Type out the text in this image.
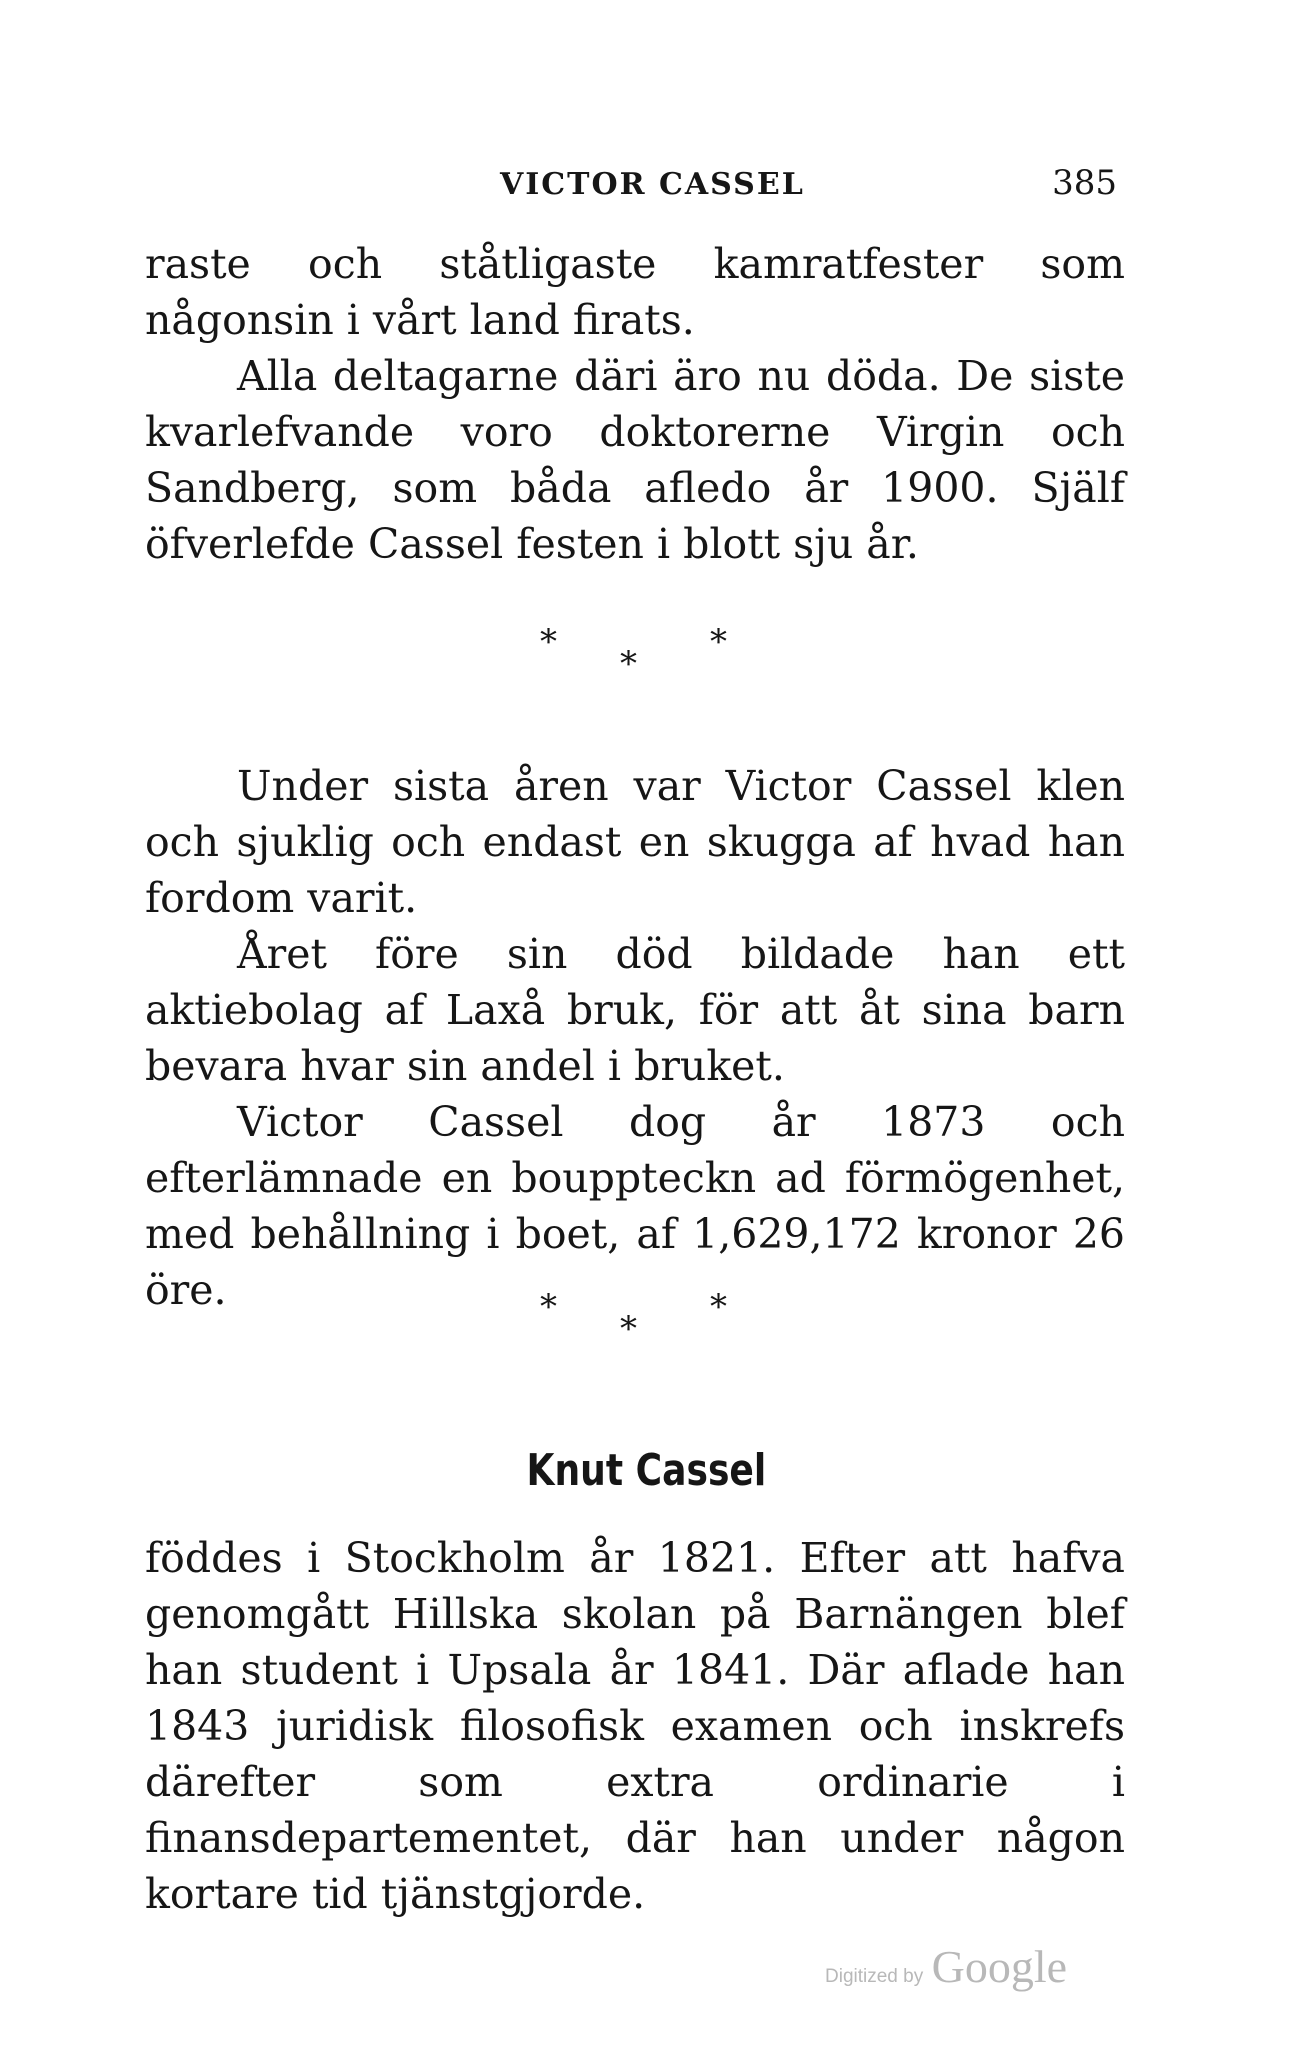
VICTOR CASSEL	385

raste och ståtligaste kamratfester som någonsin i vårt land firats.

Alla deltagarne däri äro nu döda. De siste kvarlefvande voro doktorerne Virgin och Sandberg, som båda afledo år 1900. Själf öfverlefde Cassel festen i blott sju år.

*
*
*

Under sista åren var Victor Cassel klen och sjuklig och endast en skugga af hvad han fordom varit.

Året före sin död bildade han ett aktiebolag af Laxå bruk, för att åt sina barn bevara hvar sin andel i bruket.

Victor Cassel dog år 1873 och efterlämnade en bouppteckn ad förmögenhet, med behållning i boet, af 1,629,172 kronor 26 öre.	*
*
*
Knut Cassel

föddes i Stockholm år 1821. Efter att hafva genomgått Hillska skolan på Barnängen blef han student i Upsala år 1841. Där aflade han 1843 juridisk filosofisk examen och inskrefs därefter som extra ordinarie i finansdepartementet, där han under någon kortare tid tjänstgjorde.

Digitized by Google
